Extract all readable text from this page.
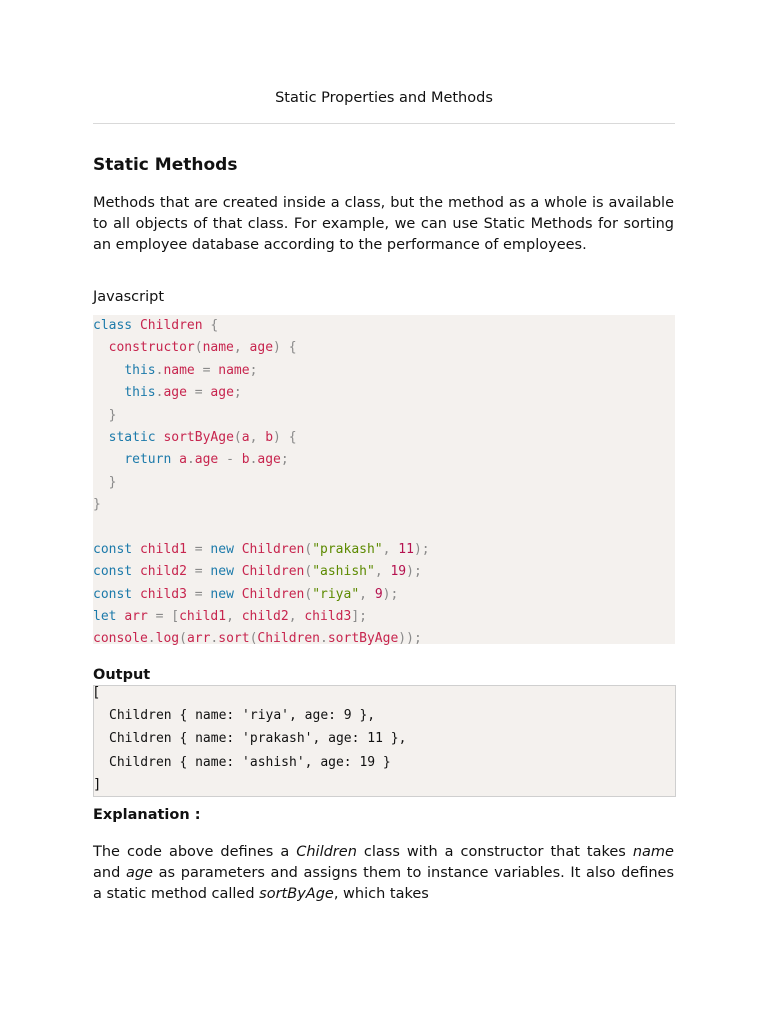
Static Properties and Methods
Static Methods

Methods that are created inside a class, but the method as a whole is available to all objects of that class. For example, we can use Static Methods for sorting an employee database according to the performance of employees.

Javascript
class Children {
constructor(name, age) {
this.name = name;
this.age = age;
}
static sortByAge(a, b) {
return a.age - b.age;
}
}

const child1 = new Children("prakash", 11);
const child2 = new Children("ashish", 19);
const child3 = new Children("riya", 9);
let arr = [child1, child2, child3];
console.log(arr.sort(Children.sortByAge));
Output
[
Children { name: 'riya', age: 9 },
Children { name: 'prakash', age: 11 },
Children { name: 'ashish', age: 19 }
]
Explanation :
The code above defines a Children class with a constructor that takes name and age as parameters and assigns them to instance variables. It also defines a static method called sortByAge, which takes
